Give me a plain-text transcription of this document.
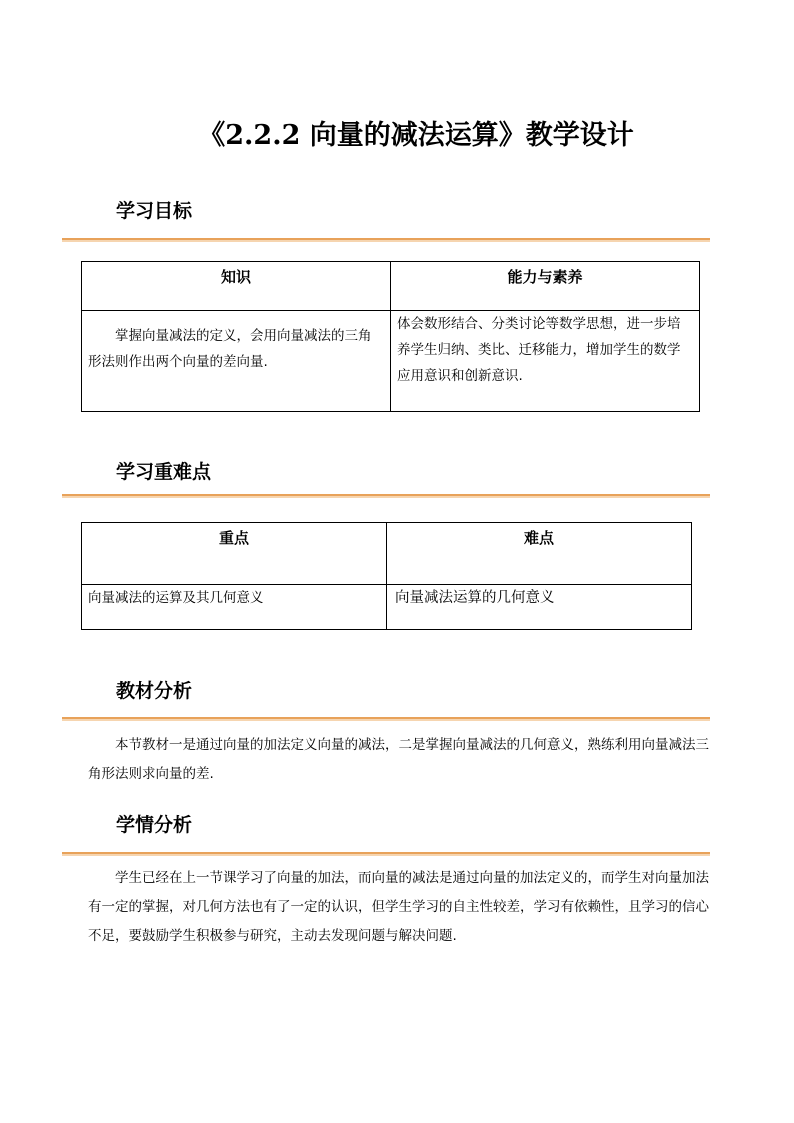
《2.2.2 向量的减法运算》教学设计
学习目标
知识	能力与素养

掌握向量减法的定义，会用向量减法的三角形法则作出两个向量的差向量.	体会数形结合、分类讨论等数学思想，进一步培养学生归纳、类比、迁移能力，增加学生的数学应用意识和创新意识.
学习重难点
重点	难点

向量减法的运算及其几何意义	向量减法运算的几何意义
教材分析
本节教材一是通过向量的加法定义向量的减法，二是掌握向量减法的几何意义，熟练利用向量减法三角形法则求向量的差.
学情分析
学生已经在上一节课学习了向量的加法，而向量的减法是通过向量的加法定义的，而学生对向量加法有一定的掌握，对几何方法也有了一定的认识，但学生学习的自主性较差，学习有依赖性，且学习的信心不足，要鼓励学生积极参与研究，主动去发现问题与解决问题.
